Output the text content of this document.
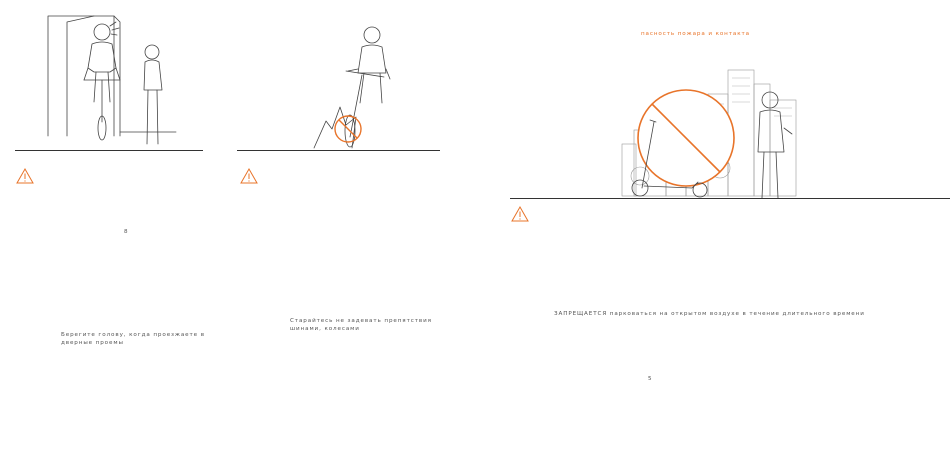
8
Берегите голову, когда проезжаете в дверные проемы
Старайтесь не задевать препятствия шинами, колесами
пасность пожара и контакта
ЗАПРЕЩАЕТСЯ парковаться на открытом воздухе в течение длительного времени
5
